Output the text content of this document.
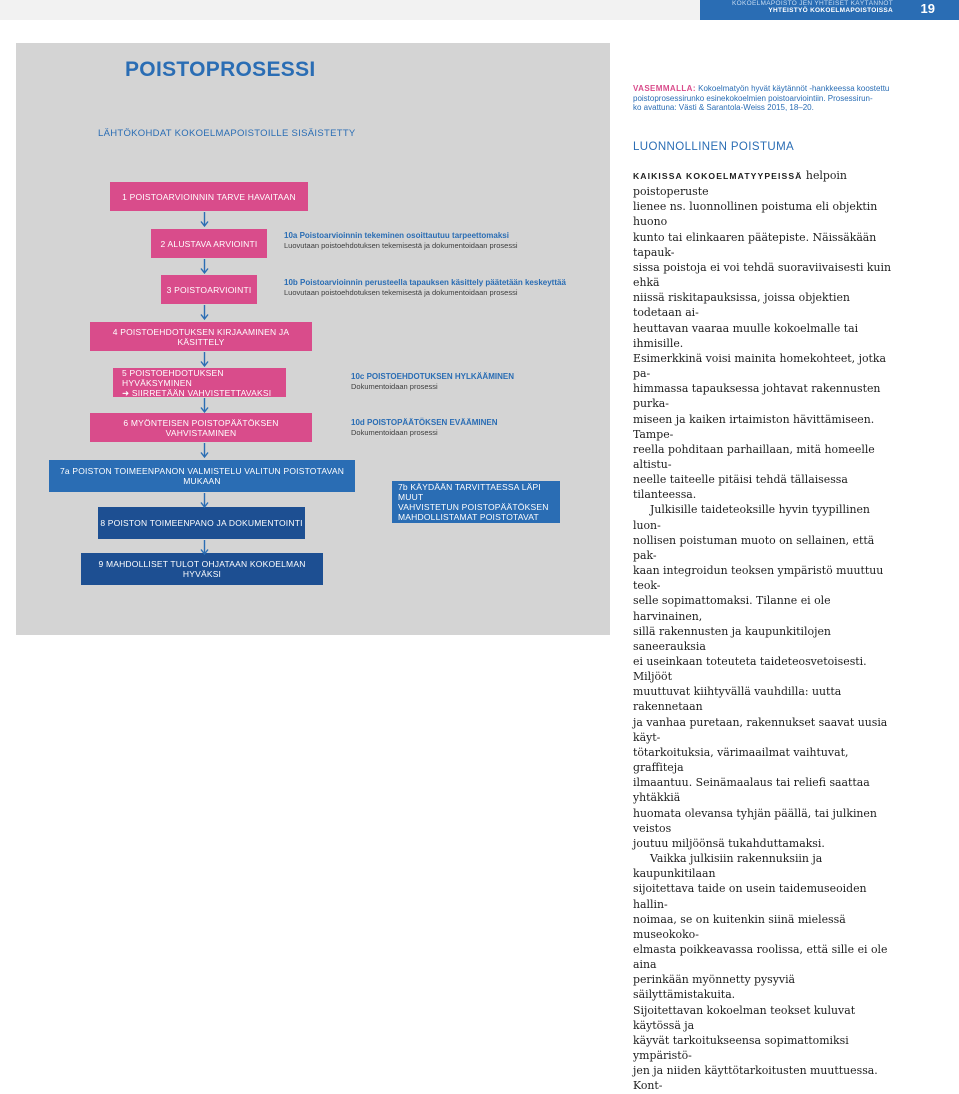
KOKOELMAPOISTO JEN YHTEISET KÄYTÄNNÖT
YHTEISTYÖ KOKOELMAPOISTOISSA 19
POISTOPROSESSI
LÄHTÖKOHDAT KOKOELMAPOISTOILLE SISÄISTETTY
1 POISTOARVIOINNIN TARVE HAVAITAAN
2 ALUSTAVA ARVIOINTI
3 POISTOARVIOINTI
4 POISTOEHDOTUKSEN KIRJAAMINEN JA KÄSITTELY
5 POISTOEHDOTUKSEN HYVÄKSYMINEN
➜ SIIRRETÄÄN VAHVISTETTAVAKSI
6 MYÖNTEISEN POISTOPÄÄTÖKSEN VAHVISTAMINEN
7a POISTON TOIMEENPANON VALMISTELU VALITUN POISTOTAVAN MUKAAN
7b KÄYDÄÄN TARVITTAESSA LÄPI MUUT
VAHVISTETUN POISTOPÄÄTÖKSEN
MAHDOLLISTAMAT POISTOTAVAT
8 POISTON TOIMEENPANO JA DOKUMENTOINTI
9 MAHDOLLISET TULOT OHJATAAN KOKOELMAN HYVÄKSI
10a Poistoarvioinnin tekeminen osoittautuu tarpeettomaksi
Luovutaan poistoehdotuksen tekemisestä ja dokumentoidaan prosessi
10b Poistoarvioinnin perusteella tapauksen käsittely päätetään keskeyttää
Luovutaan poistoehdotuksen tekemisestä ja dokumentoidaan prosessi
10c POISTOEHDOTUKSEN HYLKÄÄMINEN
Dokumentoidaan prosessi
10d POISTOPÄÄTÖKSEN EVÄÄMINEN
Dokumentoidaan prosessi
VASEMMALLA: Kokoelmatyön hyvät käytännöt -hankkeessa koostettu
poistoprosessirunko esinekokoelmien poistoarviointiin. Prosessirun-
ko avattuna: Västi & Sarantola-Weiss 2015, 18–20.
LUONNOLLINEN POISTUMA
KAIKISSA KOKOELMATYYPEISSÄ helpoin poistoperuste
lienee ns. luonnollinen poistuma eli objektin huono
kunto tai elinkaaren päätepiste. Näissäkään tapauk-
sissa poistoja ei voi tehdä suoraviivaisesti kuin ehkä
niissä riskitapauksissa, joissa objektien todetaan ai-
heuttavan vaaraa muulle kokoelmalle tai ihmisille.
Esimerkkinä voisi mainita homekohteet, jotka pa-
himmassa tapauksessa johtavat rakennusten purka-
miseen ja kaiken irtaimiston hävittämiseen. Tampe-
reella pohditaan parhaillaan, mitä homeelle altistu-
neelle taiteelle pitäisi tehdä tällaisessa tilanteessa.
Julkisille taideteoksille hyvin tyypillinen luon-
nollisen poistuman muoto on sellainen, että pak-
kaan integroidun teoksen ympäristö muuttuu teok-
selle sopimattomaksi. Tilanne ei ole harvinainen,
sillä rakennusten ja kaupunkitilojen saneerauksia
ei useinkaan toteuteta taideteosvetoisesti. Miljööt
muuttuvat kiihtyvällä vauhdilla: uutta rakennetaan
ja vanhaa puretaan, rakennukset saavat uusia käyt-
tötarkoituksia, värimaailmat vaihtuvat, graffiteja
ilmaantuu. Seinämaalaus tai reliefi saattaa yhtäkkiä
huomata olevansa tyhjän päällä, tai julkinen veistos
joutuu miljöönsä tukahduttamaksi.
Vaikka julkisiin rakennuksiin ja kaupunkitilaan
sijoitettava taide on usein taidemuseoiden hallin-
noimaa, se on kuitenkin siinä mielessä museokoko-
elmasta poikkeavassa roolissa, että sille ei ole aina
perinkään myönnetty pysyviä säilyttämistakuita.
Sijoitettavan kokoelman teokset kuluvat käytössä ja
käyvät tarkoitukseensa sopimattomiksi ympäristö-
jen ja niiden käyttötarkoitusten muuttuessa. Kont-
